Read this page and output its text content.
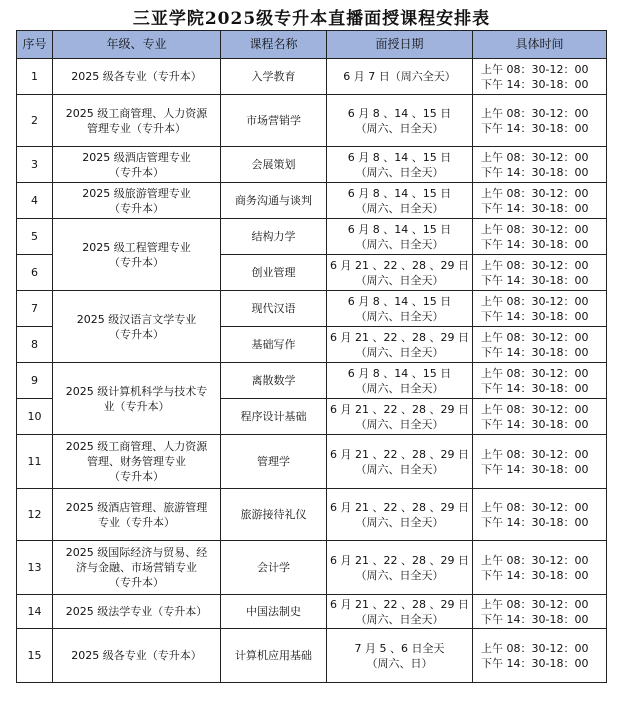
三亚学院2025级专升本直播面授课程安排表
序号	年级、专业	课程名称	面授日期	具体时间
1	2025 级各专业（专升本）	入学教育	6 月 7 日（周六全天）	上午 08：30-12：00
下午 14：30-18：00

2	2025 级工商管理、人力资源
管理专业（专升本）	市场营销学	6 月 8 、14 、15 日
（周六、日全天）	上午 08：30-12：00
下午 14：30-18：00

3	2025 级酒店管理专业
（专升本）	会展策划	6 月 8 、14 、15 日
（周六、日全天）	上午 08：30-12：00
下午 14：30-18：00

4	2025 级旅游管理专业
（专升本）	商务沟通与谈判	6 月 8 、14 、15 日
（周六、日全天）	上午 08：30-12：00
下午 14：30-18：00

5	2025 级工程管理专业
（专升本）	结构力学	6 月 8 、14 、15 日
（周六、日全天）	上午 08：30-12：00
下午 14：30-18：00

6		创业管理	6 月 21 、22 、28 、29 日
（周六、日全天）	上午 08：30-12：00
下午 14：30-18：00

7	2025 级汉语言文学专业
（专升本）	现代汉语	6 月 8 、14 、15 日
（周六、日全天）	上午 08：30-12：00
下午 14：30-18：00

8		基础写作	6 月 21 、22 、28 、29 日
（周六、日全天）	上午 08：30-12：00
下午 14：30-18：00

9	2025 级计算机科学与技术专
业（专升本）	离散数学	6 月 8 、14 、15 日
（周六、日全天）	上午 08：30-12：00
下午 14：30-18：00

10		程序设计基础	6 月 21 、22 、28 、29 日
（周六、日全天）	上午 08：30-12：00
下午 14：30-18：00

11	2025 级工商管理、人力资源
管理、财务管理专业
（专升本）	管理学	6 月 21 、22 、28 、29 日
（周六、日全天）	上午 08：30-12：00
下午 14：30-18：00

12	2025 级酒店管理、旅游管理
专业（专升本）	旅游接待礼仪	6 月 21 、22 、28 、29 日
（周六、日全天）	上午 08：30-12：00
下午 14：30-18：00

13	2025 级国际经济与贸易、经
济与金融、市场营销专业
（专升本）	会计学	6 月 21 、22 、28 、29 日
（周六、日全天）	上午 08：30-12：00
下午 14：30-18：00

14	2025 级法学专业（专升本）	中国法制史	6 月 21 、22 、28 、29 日
（周六、日全天）	上午 08：30-12：00
下午 14：30-18：00

15	2025 级各专业（专升本）	计算机应用基础	7 月 5 、6 日全天
（周六、日）	上午 08：30-12：00
下午 14：30-18：00
